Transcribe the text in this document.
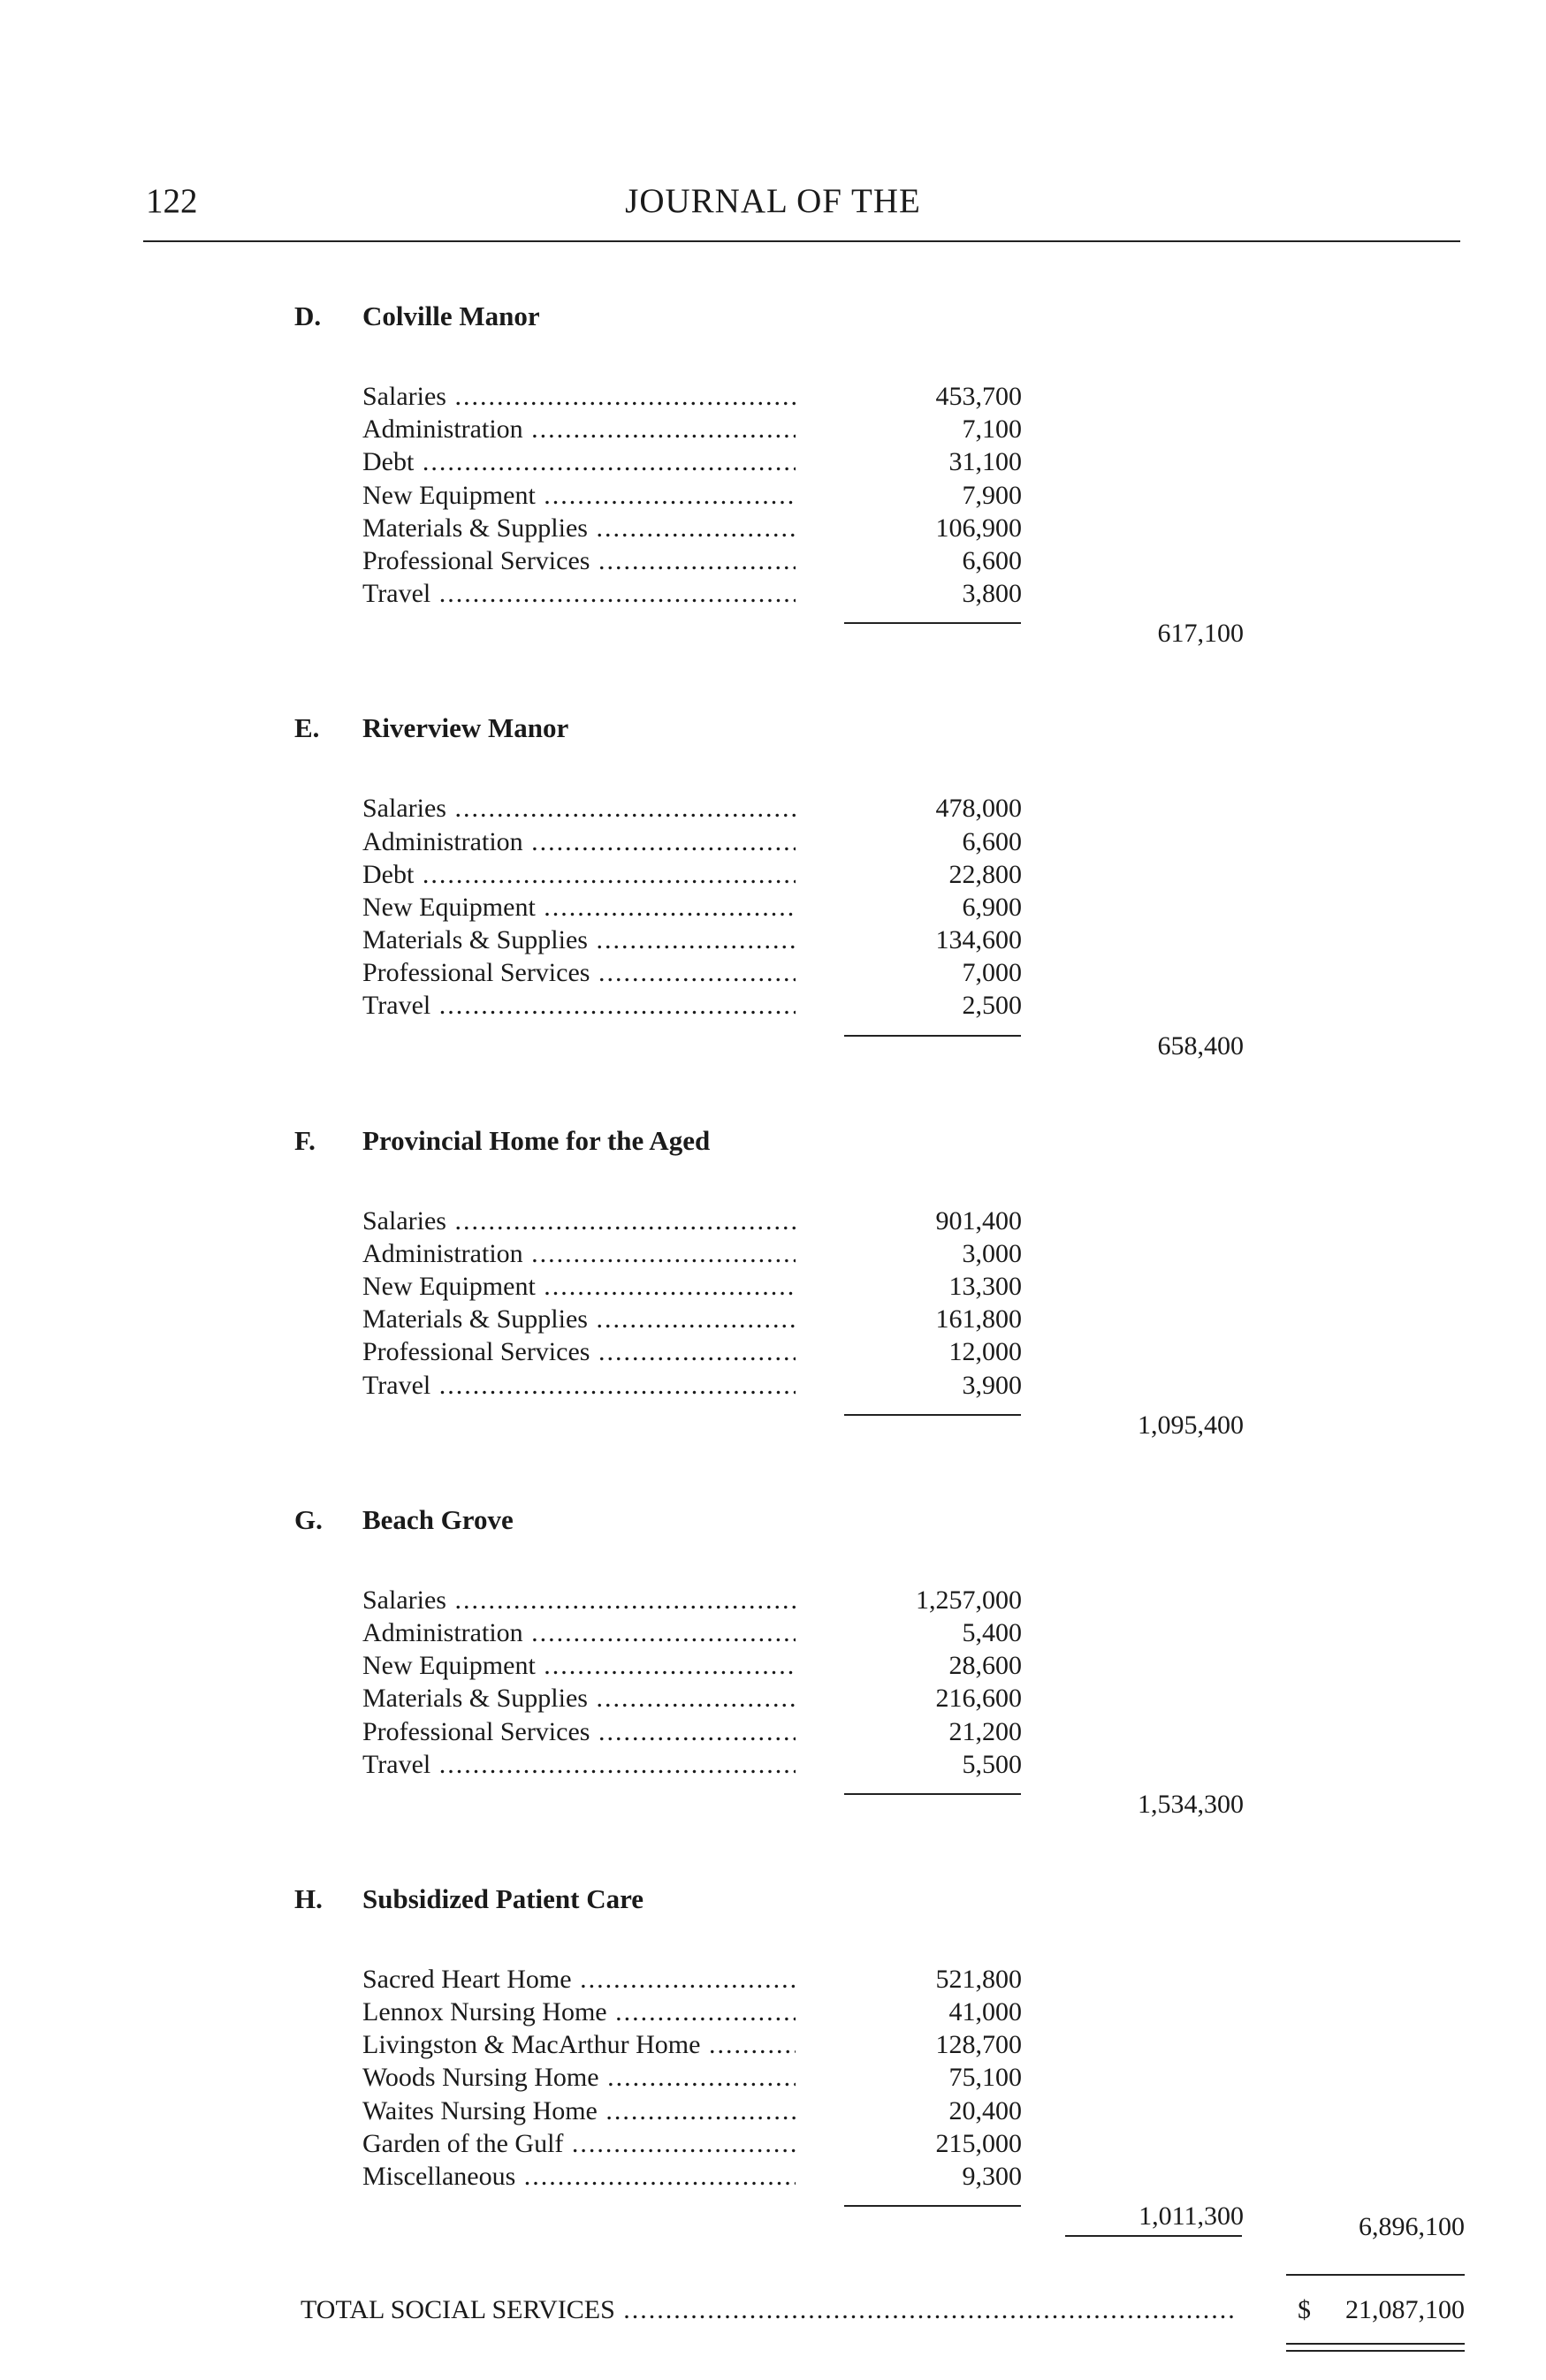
122	JOURNAL OF THE
D. Colville Manor
Salaries .....	453,700
Administration .....	7,100
Debt .....	31,100
New Equipment .....	7,900
Materials & Supplies .....	106,900
Professional Services .....	6,600
Travel .....	3,800
617,100
E. Riverview Manor
Salaries .....	478,000
Administration .....	6,600
Debt .....	22,800
New Equipment .....	6,900
Materials & Supplies .....	134,600
Professional Services .....	7,000
Travel .....	2,500
658,400
F. Provincial Home for the Aged
Salaries .....	901,400
Administration .....	3,000
New Equipment .....	13,300
Materials & Supplies .....	161,800
Professional Services .....	12,000
Travel .....	3,900
1,095,400
G. Beach Grove
Salaries .....	1,257,000
Administration .....	5,400
New Equipment .....	28,600
Materials & Supplies .....	216,600
Professional Services .....	21,200
Travel .....	5,500
1,534,300
H. Subsidized Patient Care
Sacred Heart Home .....	521,800
Lennox Nursing Home .....	41,000
Livingston & MacArthur Home .....	128,700
Woods Nursing Home .....	75,100
Waites Nursing Home .....	20,400
Garden of the Gulf .....	215,000
Miscellaneous .....	9,300
1,011,300	6,896,100
TOTAL SOCIAL SERVICES .....	$ 21,087,100
